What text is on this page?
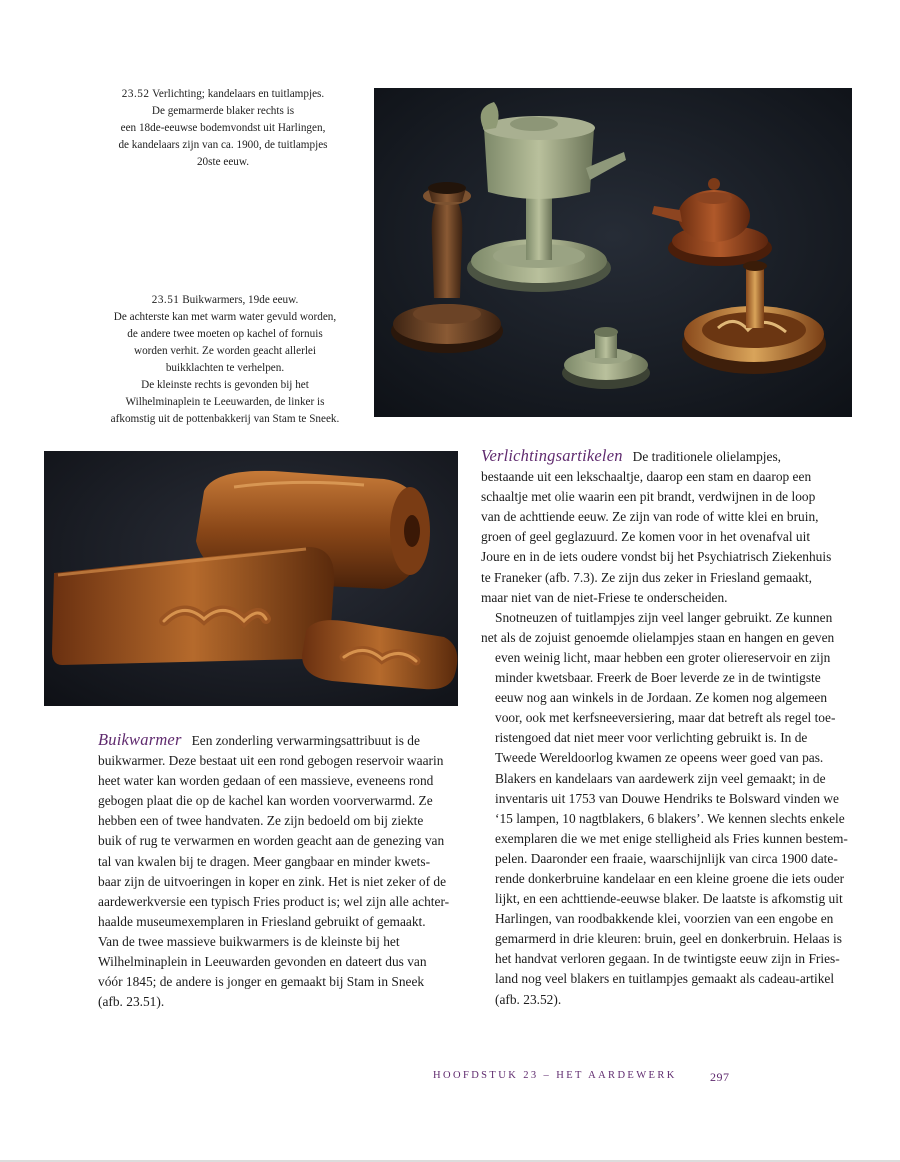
23.52 Verlichting; kandelaars en tuitlampjes.
De gemarmerde blaker rechts is
een 18de-eeuwse bodemvondst uit Harlingen,
de kandelaars zijn van ca. 1900, de tuitlampjes
20ste eeuw.
23.51 Buikwarmers, 19de eeuw.
De achterste kan met warm water gevuld worden,
de andere twee moeten op kachel of fornuis
worden verhit. Ze worden geacht allerlei
buikklachten te verhelpen.
De kleinste rechts is gevonden bij het
Wilhelminaplein te Leeuwarden, de linker is
afkomstig uit de pottenbakkerij van Stam te Sneek.

Buikwarmer Een zonderling verwarmingsattribuut is de
buikwarmer. Deze bestaat uit een rond gebogen reservoir waarin
heet water kan worden gedaan of een massieve, eveneens rond
gebogen plaat die op de kachel kan worden voorverwarmd. Ze
hebben een of twee handvaten. Ze zijn bedoeld om bij ziekte
buik of rug te verwarmen en worden geacht aan de genezing van
tal van kwalen bij te dragen. Meer gangbaar en minder kwets-
baar zijn de uitvoeringen in koper en zink. Het is niet zeker of de
aardewerkversie een typisch Fries product is; wel zijn alle achter-
haalde museumexemplaren in Friesland gebruikt of gemaakt.
Van de twee massieve buikwarmers is de kleinste bij het
Wilhelminaplein in Leeuwarden gevonden en dateert dus van
vóór 1845; de andere is jonger en gemaakt bij Stam in Sneek
(afb. 23.51).

Verlichtingsartikelen De traditionele olielampjes,
bestaande uit een lekschaaltje, daarop een stam en daarop een
schaaltje met olie waarin een pit brandt, verdwijnen in de loop
van de achttiende eeuw. Ze zijn van rode of witte klei en bruin,
groen of geel geglazuurd. Ze komen voor in het ovenafval uit
Joure en in de iets oudere vondst bij het Psychiatrisch Ziekenhuis
te Franeker (afb. 7.3). Ze zijn dus zeker in Friesland gemaakt,
maar niet van de niet-Friese te onderscheiden.

Snotneuzen of tuitlampjes zijn veel langer gebruikt. Ze kunnen
net als de zojuist genoemde olielampjes staan en hangen en geven
even weinig licht, maar hebben een groter oliereservoir en zijn
minder kwetsbaar. Freerk de Boer leverde ze in de twintigste
eeuw nog aan winkels in de Jordaan. Ze komen nog algemeen
voor, ook met kerfsneeversiering, maar dat betreft als regel toe-
ristengoed dat niet meer voor verlichting gebruikt is. In de
Tweede Wereldoorlog kwamen ze opeens weer goed van pas.

Blakers en kandelaars van aardewerk zijn veel gemaakt; in de
inventaris uit 1753 van Douwe Hendriks te Bolsward vinden we
‘15 lampen, 10 nagtblakers, 6 blakers’. We kennen slechts enkele
exemplaren die we met enige stelligheid als Fries kunnen bestem-
pelen. Daaronder een fraaie, waarschijnlijk van circa 1900 date-
rende donkerbruine kandelaar en een kleine groene die iets ouder
lijkt, en een achttiende-eeuwse blaker. De laatste is afkomstig uit
Harlingen, van roodbakkende klei, voorzien van een engobe en
gemarmerd in drie kleuren: bruin, geel en donkerbruin. Helaas is
het handvat verloren gegaan. In de twintigste eeuw zijn in Fries-
land nog veel blakers en tuitlampjes gemaakt als cadeau-artikel
(afb. 23.52).

HOOFDSTUK 23 – HET AARDEWERK	297
